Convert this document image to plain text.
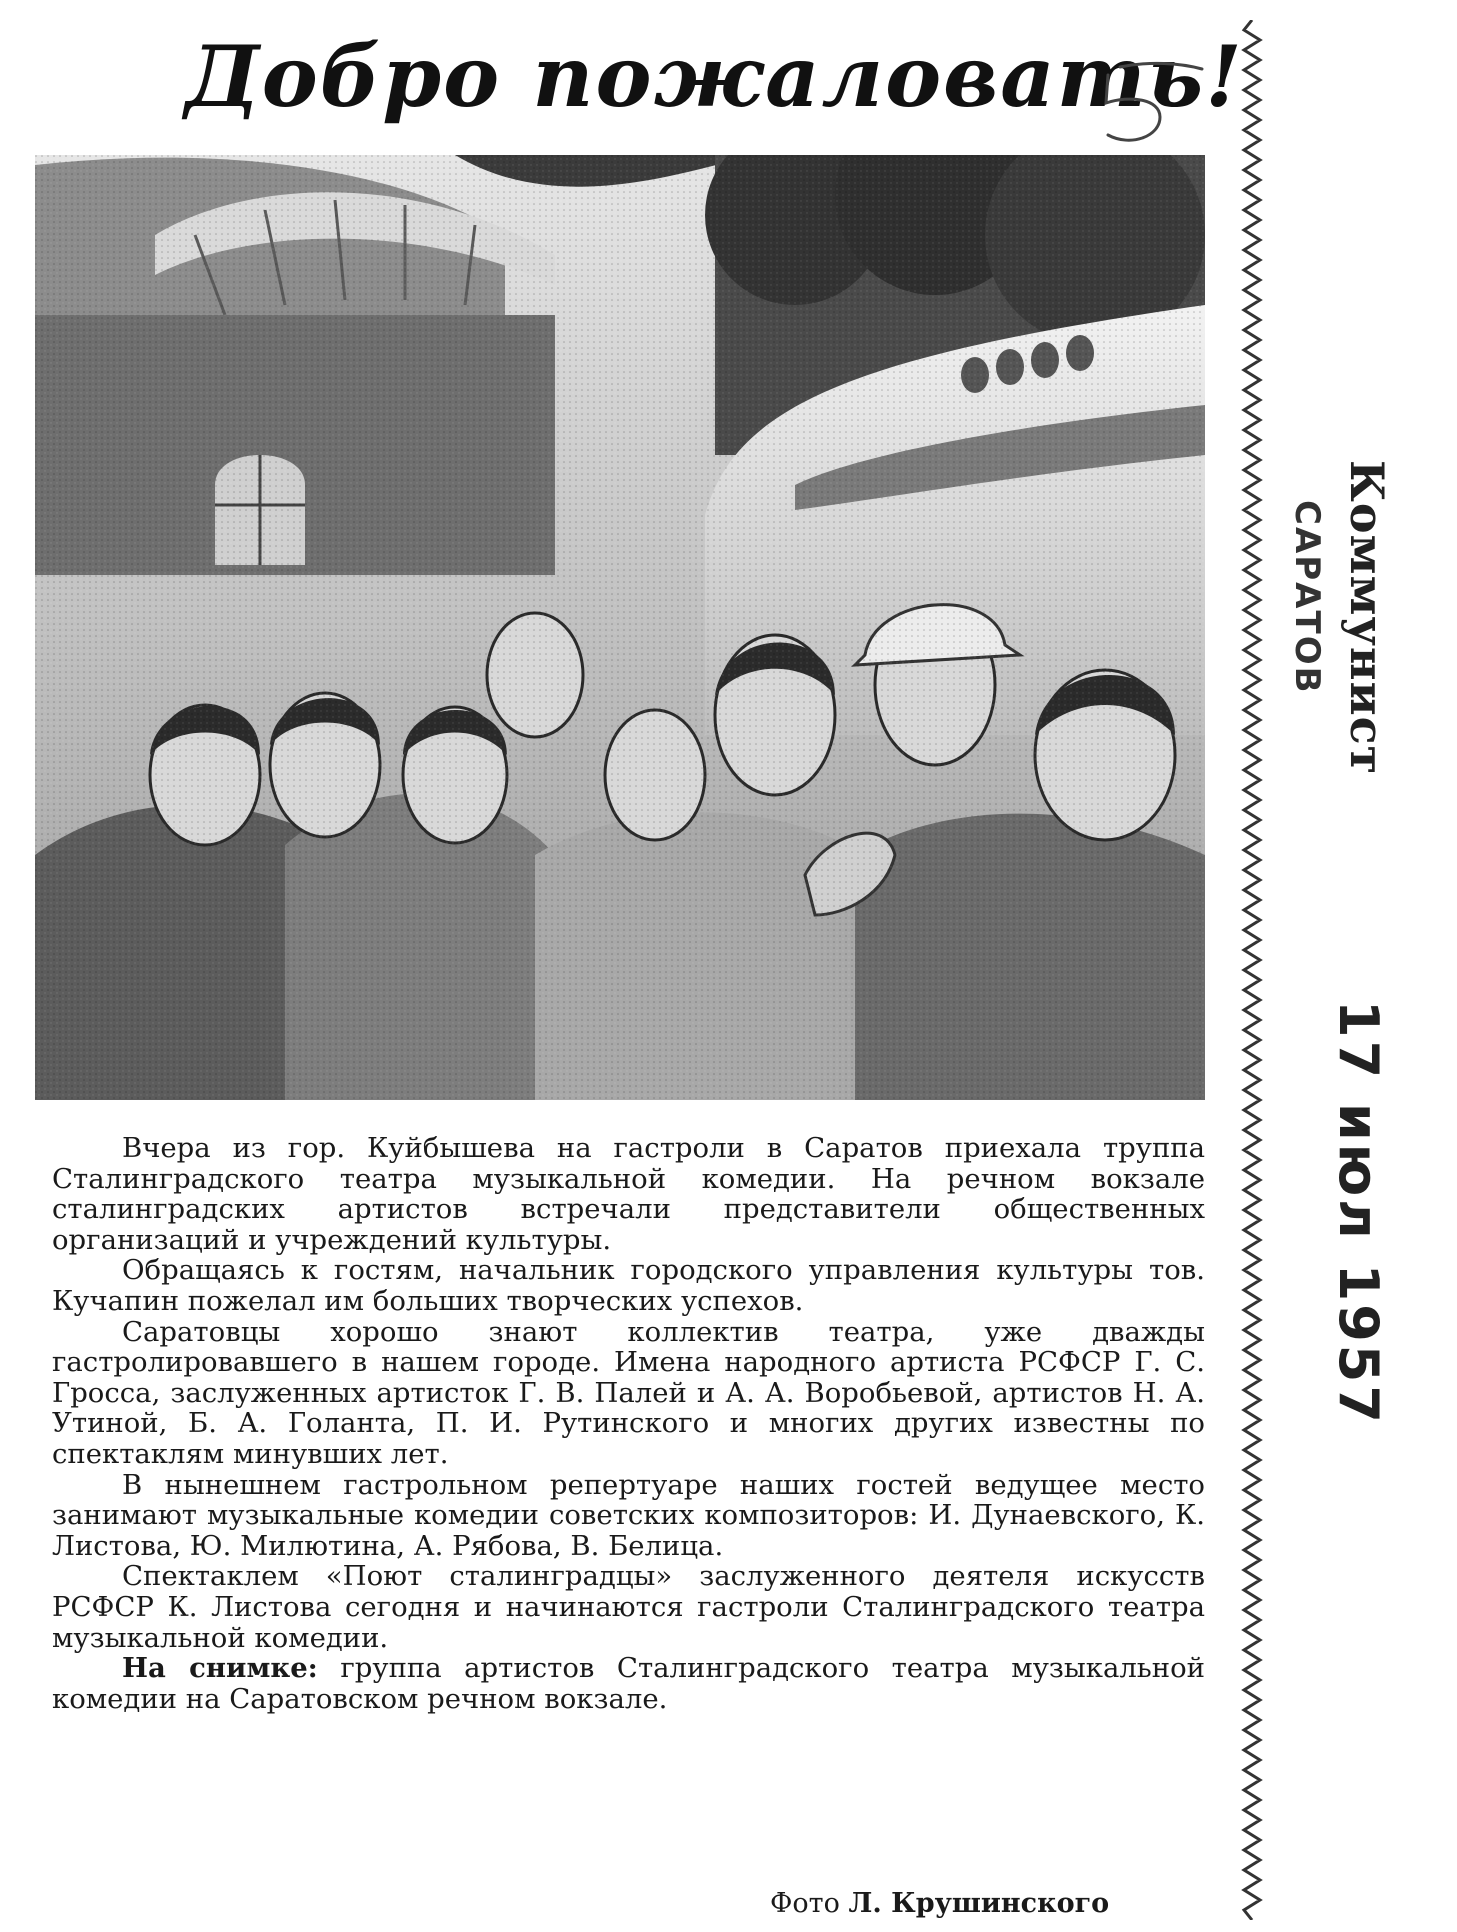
Добро пожаловать!

Вчера из гор. Куйбышева на гастроли в Саратов приехала труппа Сталинградского театра музыкальной комедии. На речном вокзале сталинградских артистов встречали представители общественных организаций и учреждений культуры.

Обращаясь к гостям, начальник городского управления культуры тов. Кучапин пожелал им больших творческих успехов.

Саратовцы хорошо знают коллектив театра, уже дважды гастролировавшего в нашем городе. Имена народного артиста РСФСР Г. С. Гросса, заслуженных артисток Г. В. Палей и А. А. Воробьевой, артистов Н. А. Утиной, Б. А. Голанта, П. И. Рутинского и многих других известны по спектаклям минувших лет.

В нынешнем гастрольном репертуаре наших гостей ведущее место занимают музыкальные комедии советских композиторов: И. Дунаевского, К. Листова, Ю. Милютина, А. Рябова, В. Белица.

Спектаклем «Поют сталинградцы» заслуженного деятеля искусств РСФСР К. Листова сегодня и начинаются гастроли Сталинградского театра музыкальной комедии.

На снимке: группа артистов Сталинградского театра музыкальной комедии на Саратовском речном вокзале.

Фото Л. Крушинского
Коммунист
САРАТОВ
17 июл 1957
